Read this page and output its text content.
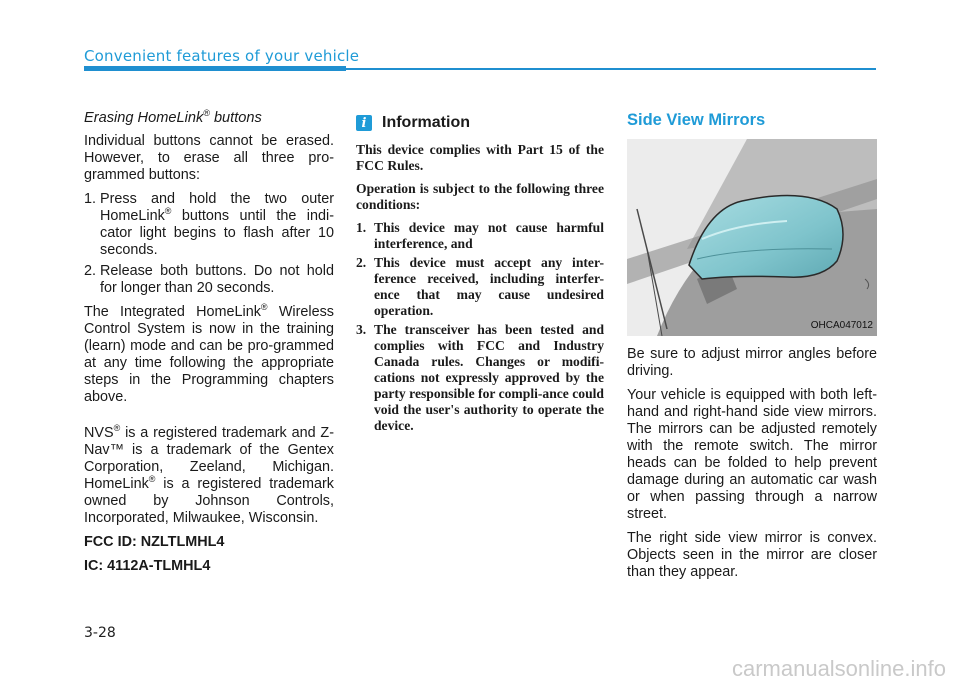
Convenient features of your vehicle

Erasing HomeLink® buttons

Individual buttons cannot be erased. However, to erase all three pro-grammed buttons:

1. Press and hold the two outer HomeLink® buttons until the indi-cator light begins to flash after 10 seconds.
2. Release both buttons. Do not hold for longer than 20 seconds.

The Integrated HomeLink® Wireless Control System is now in the training (learn) mode and can be pro-grammed at any time following the appropriate steps in the Programming chapters above.

NVS® is a registered trademark and Z-Nav™ is a trademark of the Gentex Corporation, Zeeland, Michigan. HomeLink® is a registered trademark owned by Johnson Controls, Incorporated, Milwaukee, Wisconsin.

FCC ID: NZLTLMHL4

IC: 4112A-TLMHL4

i Information

This device complies with Part 15 of the FCC Rules.

Operation is subject to the following three conditions:

1. This device may not cause harmful interference, and
2. This device must accept any inter-ference received, including interfer-ence that may cause undesired operation.
3. The transceiver has been tested and complies with FCC and Industry Canada rules. Changes or modifi-cations not expressly approved by the party responsible for compli-ance could void the user's authority to operate the device.
Side View Mirrors
OHCA047012

Be sure to adjust mirror angles before driving.

Your vehicle is equipped with both left-hand and right-hand side view mirrors. The mirrors can be adjusted remotely with the remote switch. The mirror heads can be folded to help prevent damage during an automatic car wash or when passing through a narrow street.

The right side view mirror is convex. Objects seen in the mirror are closer than they appear.

3-28
carmanualsonline.info
